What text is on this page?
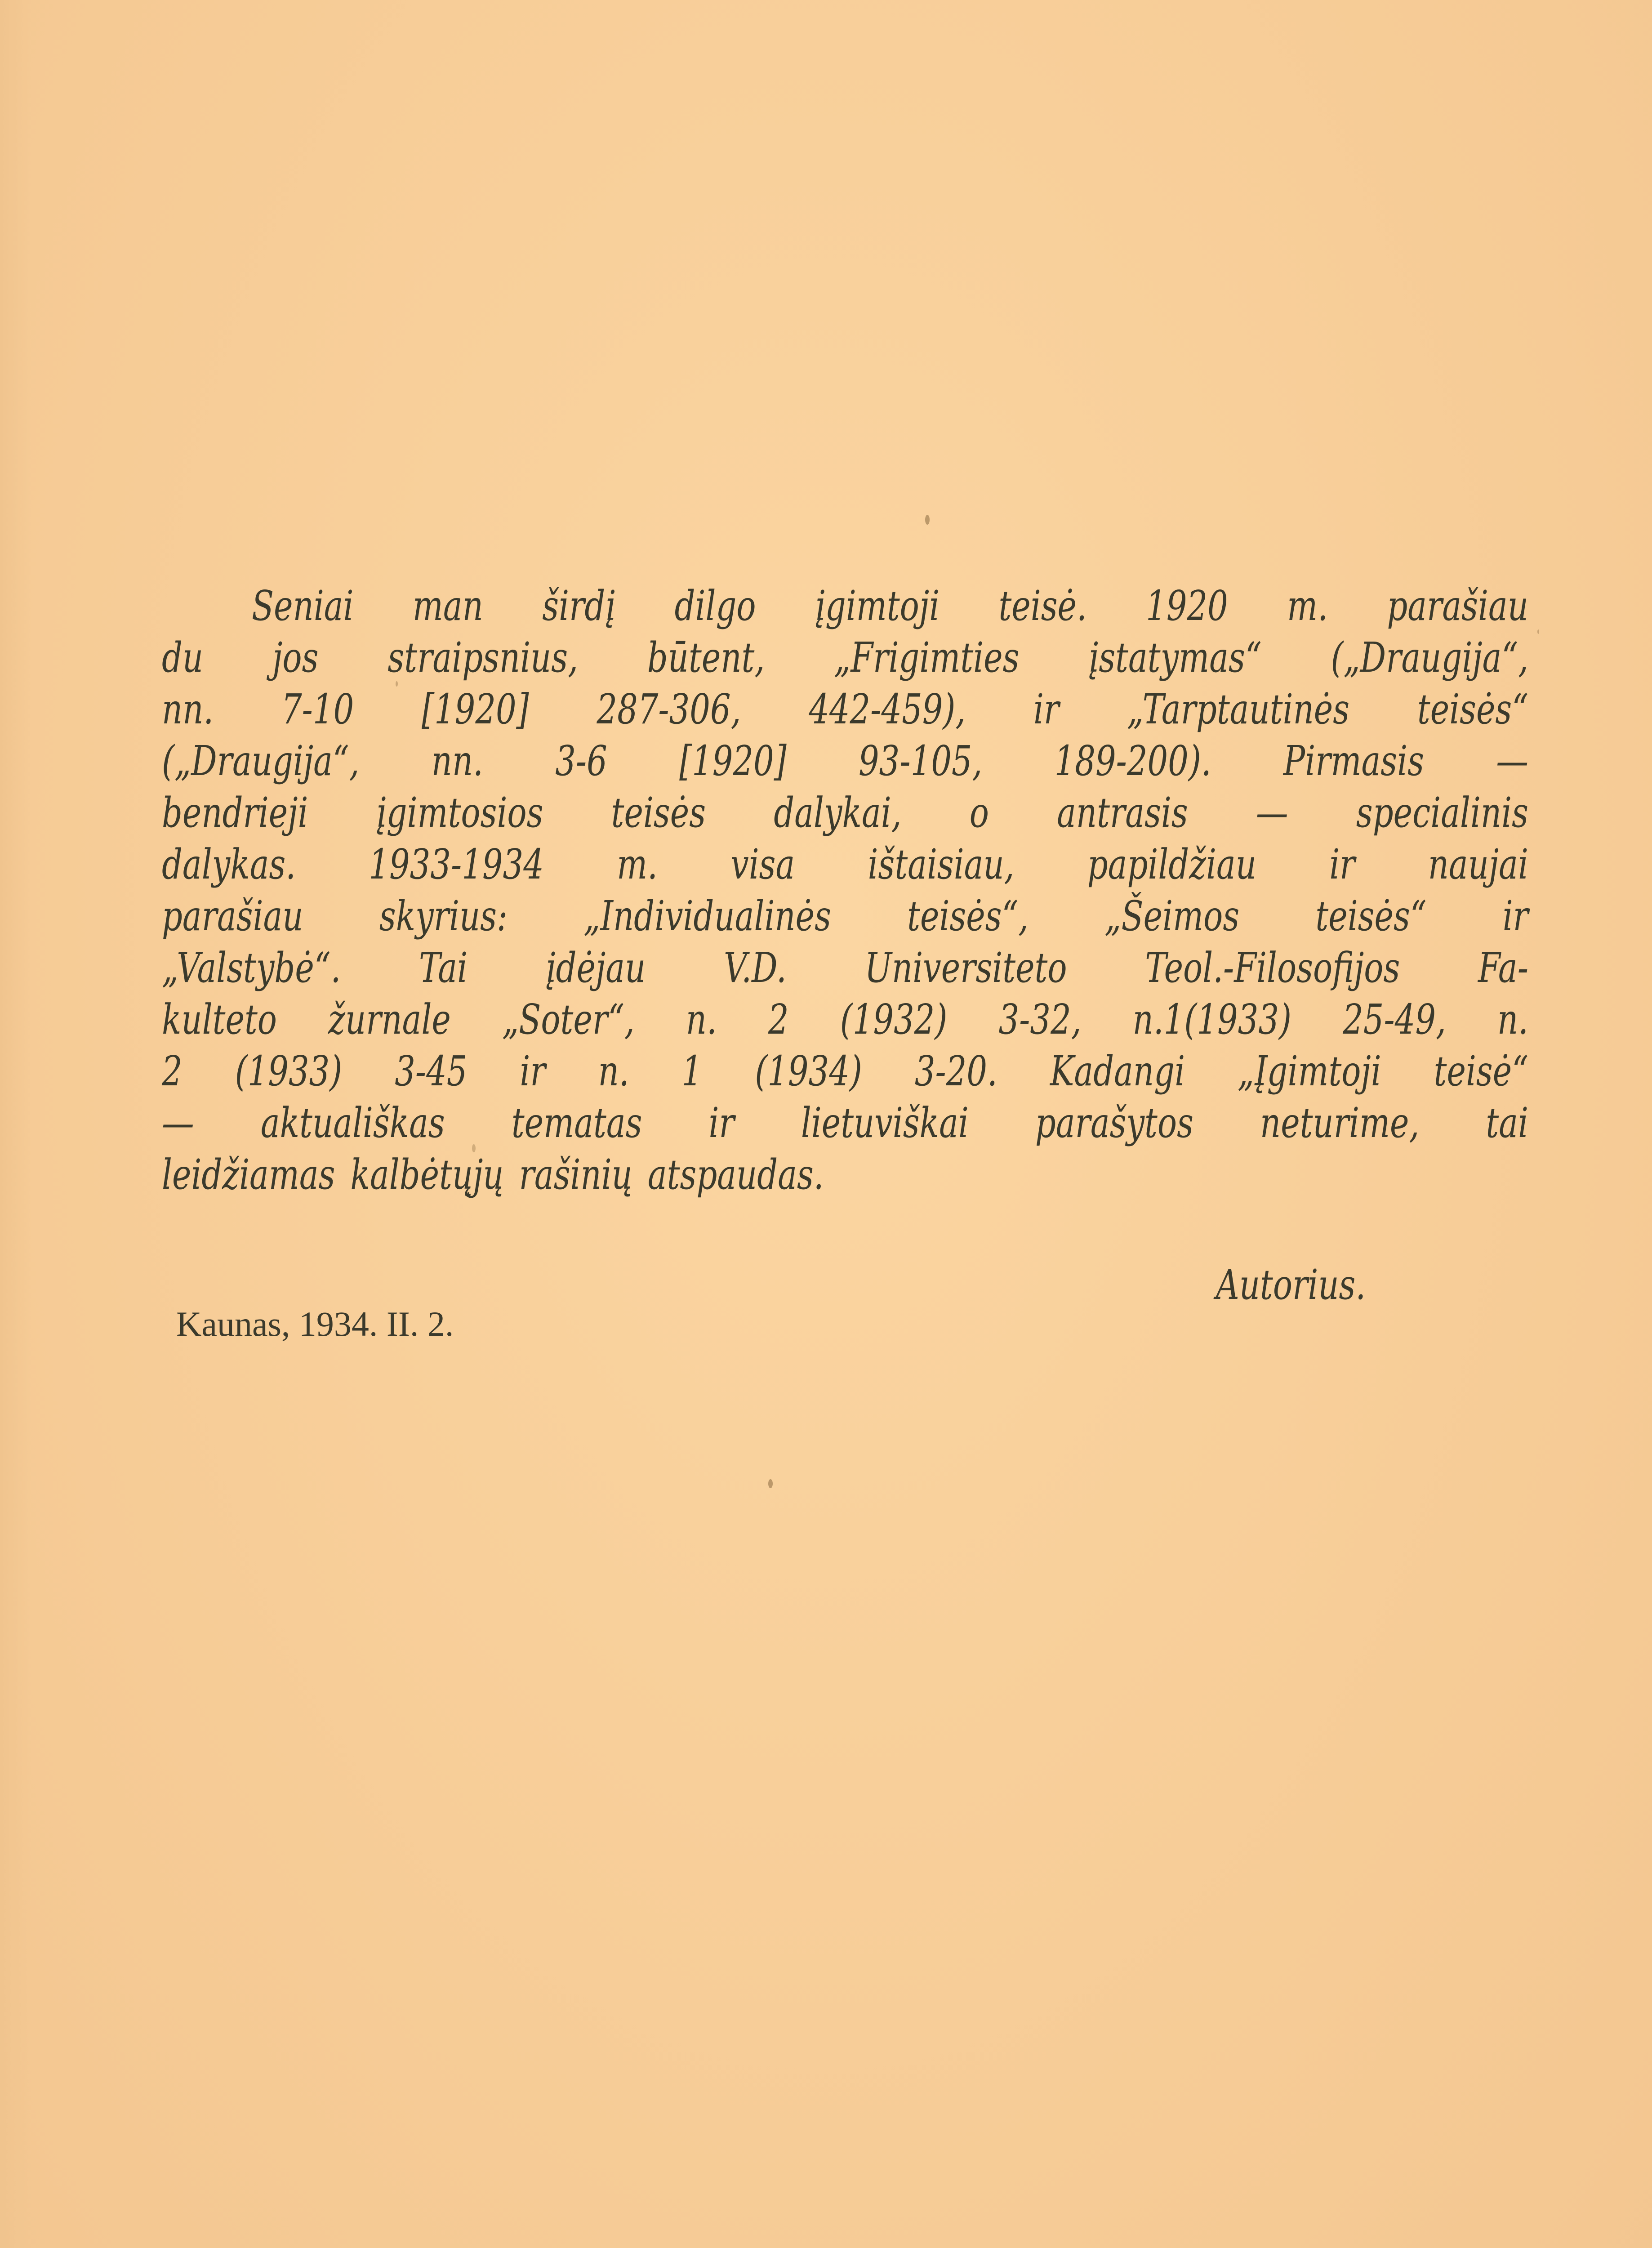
Seniai man širdį dilgo įgimtoji teisė. 1920 m. parašiau
du jos straipsnius, būtent, „Frigimties įstatymas“ („Draugija“,
nn. 7-10 [1920] 287-306, 442-459), ir „Tarptautinės teisės“
(„Draugija“, nn. 3-6 [1920] 93-105, 189-200). Pirmasis —
bendrieji įgimtosios teisės dalykai, o antrasis — specialinis
dalykas. 1933-1934 m. visa ištaisiau, papildžiau ir naujai
parašiau skyrius: „Individualinės teisės“, „Šeimos teisės“ ir
„Valstybė“. Tai įdėjau V.D. Universiteto Teol.-Filosofijos Fa-
kulteto žurnale „Soter“, n. 2 (1932) 3-32, n.1(1933) 25-49, n.
2 (1933) 3-45 ir n. 1 (1934) 3-20. Kadangi „Įgimtoji teisė“
— aktuališkas tematas ir lietuviškai parašytos neturime, tai
leidžiamas kalbėtųjų rašinių atspaudas.
Autorius.
Kaunas, 1934. II. 2.
